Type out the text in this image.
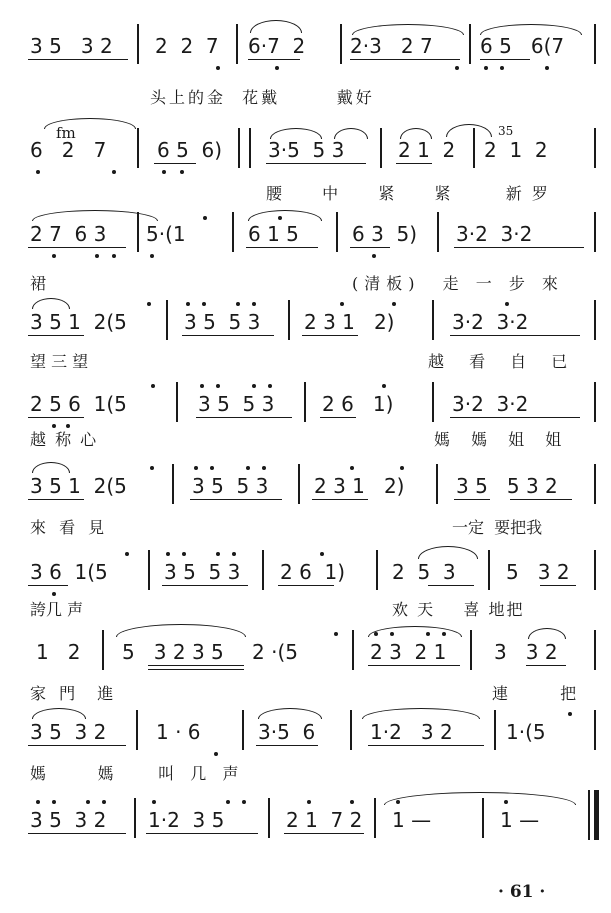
3 5   3 2 2  2  7 6·7  2 2·3   2 7 6 5   6(7
头上的金  花戴       戴好
fm	35
6   2   7	6 5  6) 3·5  5 3	2 1  2 2  1  2
腰  中  紧  紧   新罗
2 7  6 3 5·(1	6 1 5	6 3  5) 3·2  3·2
裙	(清板)  走 一 步 來
3 5 1  2(5	3 5  5 3 2 3 1   2)	3·2  3·2
望 三 望	越 看 自 已
2 5 6  1(5	3 5  5 3 2 6   1)	3·2  3·2
越 称 心	媽 媽 姐 姐
3 5 1  2(5	3 5  5 3 2 3 1   2)	3 5   5 3 2
來 看 見	一定  要把我
3 6  1(5	3 5  5 3 2 6  1) 2  5  3	5   3 2
誇几 声	欢 天    喜 地把
1   2 5   3 2 3 5 2 ·(5	2 3  2 1 3   3 2
家 門  進	連  把
3 5  3 2 1 · 6	3·5  6	1·2   3 2	1·(5
媽       媽      叫  几  声
3 5  3 2 1·2  3 5	2 1  7 2 1 —	1 —
· 61 ·
